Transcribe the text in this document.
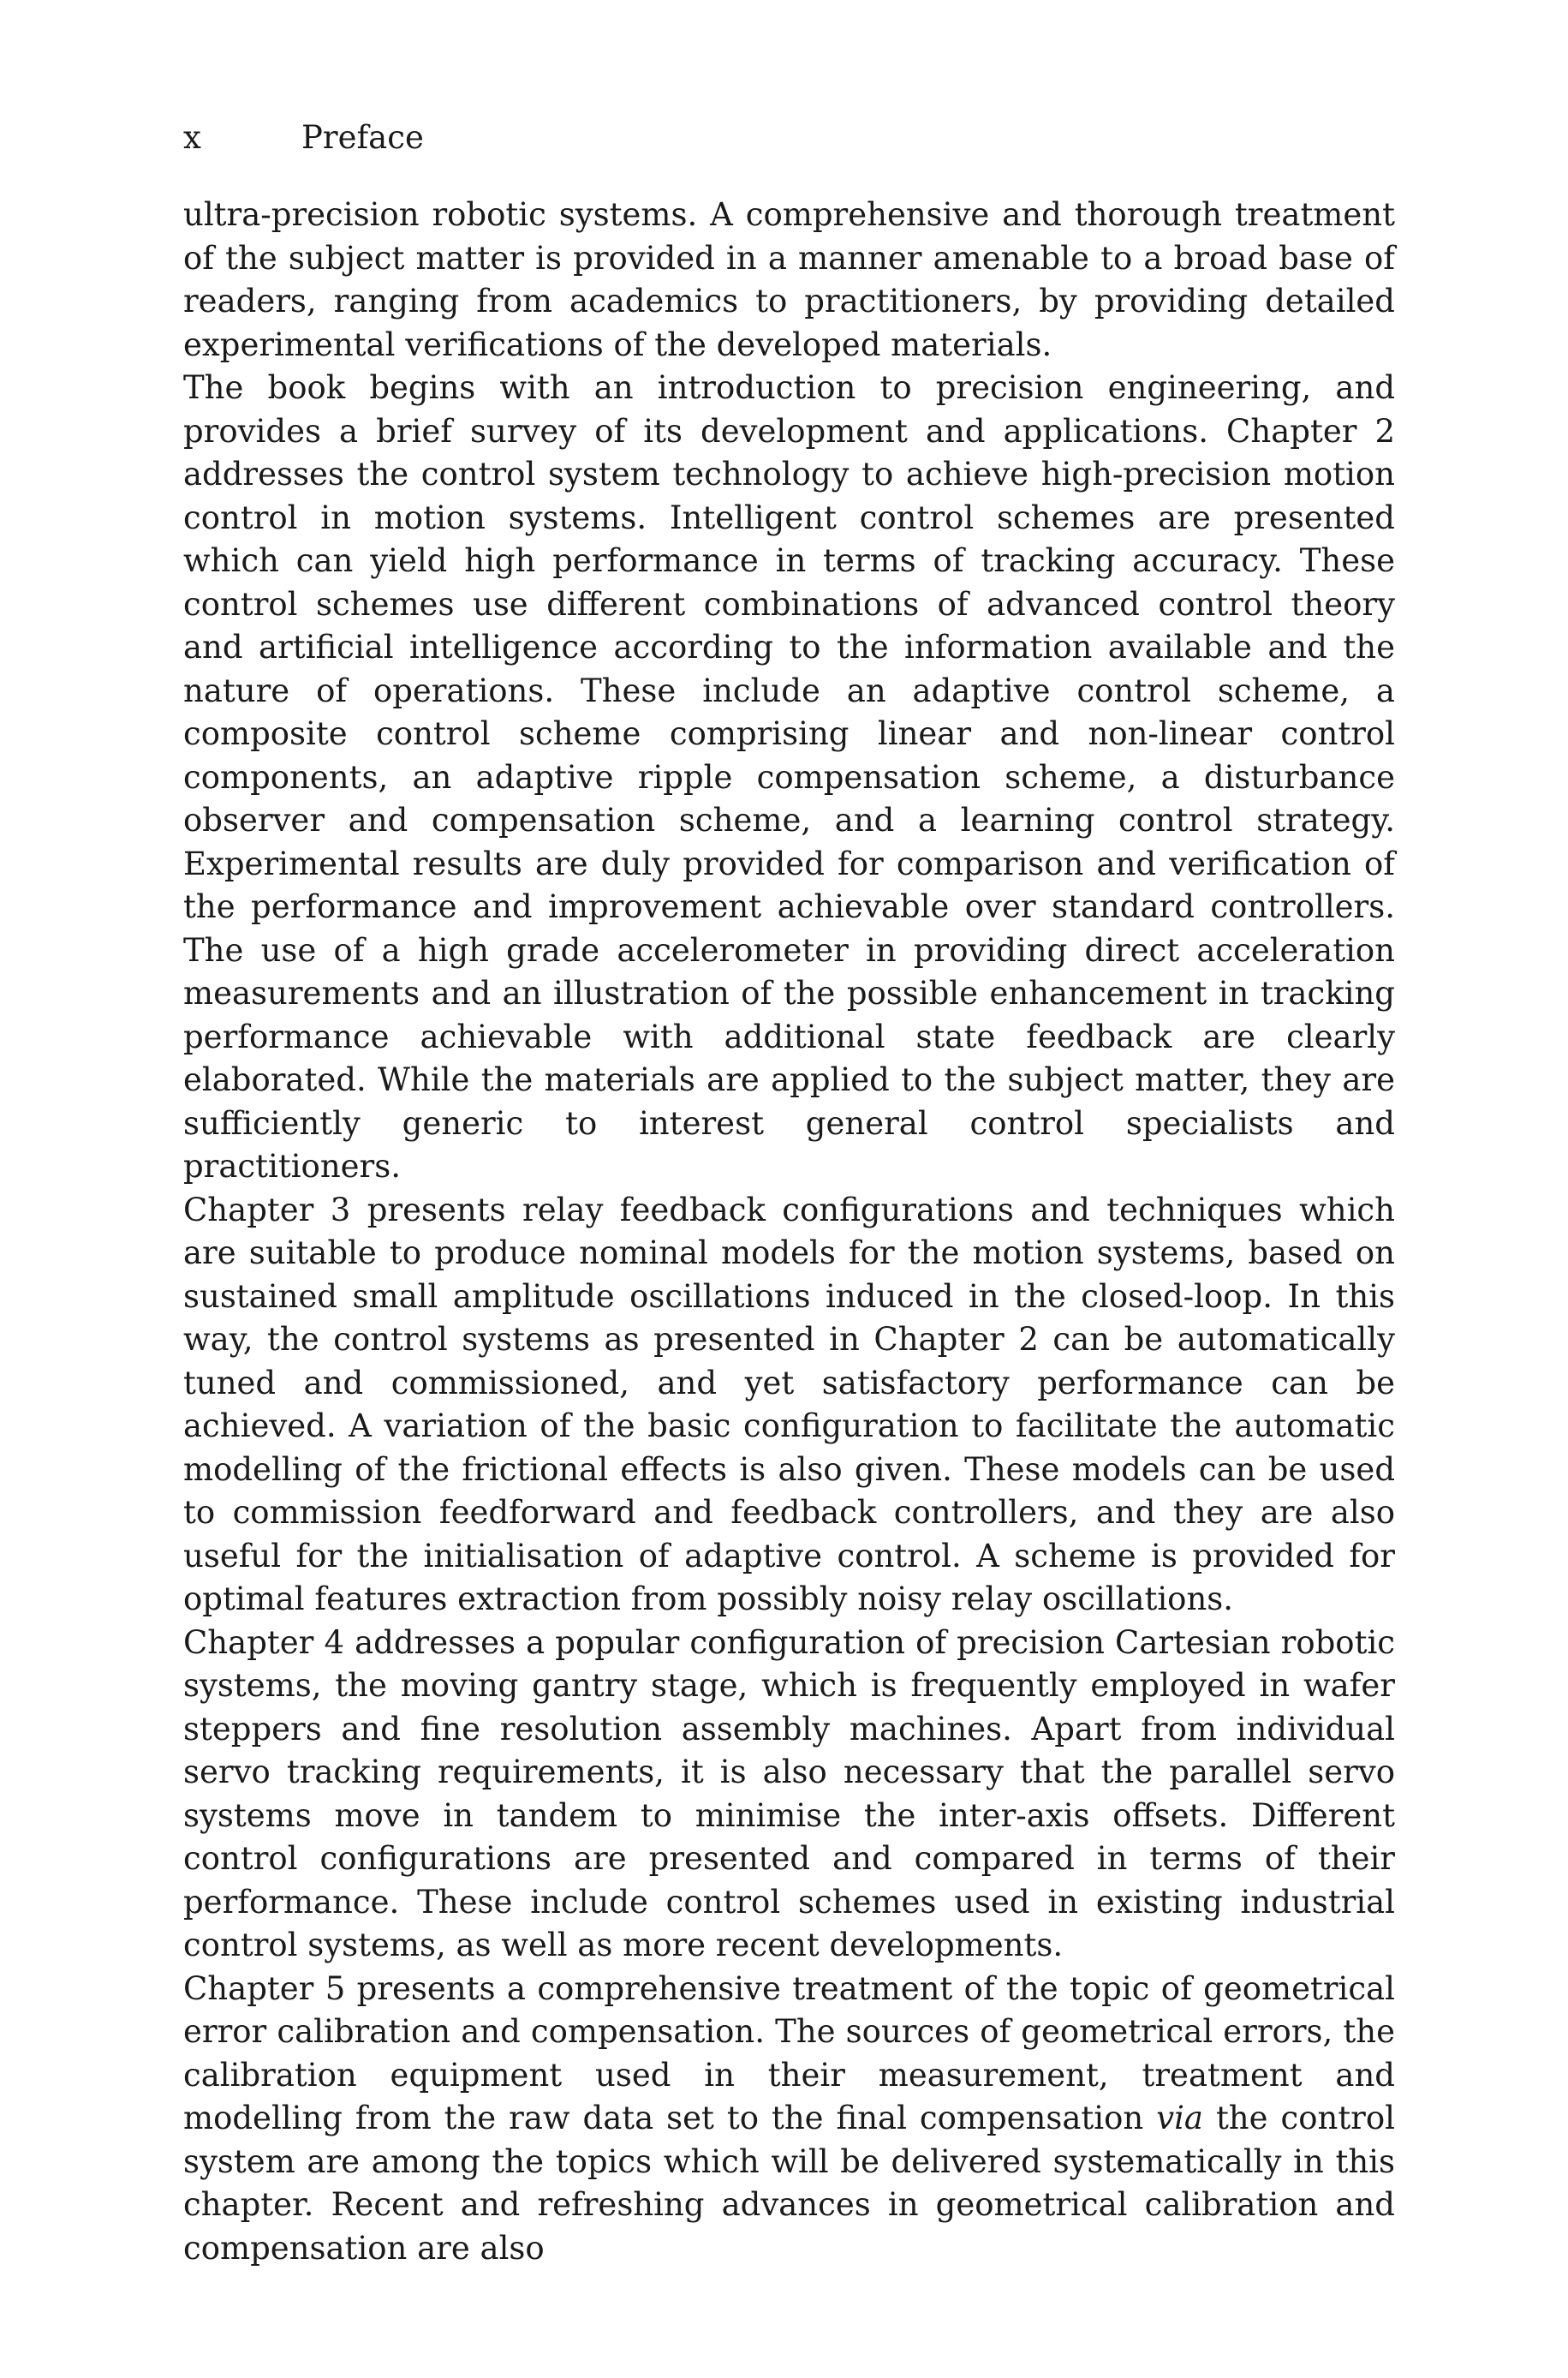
x	Preface

ultra-precision robotic systems. A comprehensive and thorough treatment of the subject matter is provided in a manner amenable to a broad base of readers, ranging from academics to practitioners, by providing detailed experimental verifications of the developed materials.

The book begins with an introduction to precision engineering, and provides a brief survey of its development and applications. Chapter 2 addresses the control system technology to achieve high-precision motion control in motion systems. Intelligent control schemes are presented which can yield high performance in terms of tracking accuracy. These control schemes use different combinations of advanced control theory and artificial intelligence according to the information available and the nature of operations. These include an adaptive control scheme, a composite control scheme comprising linear and non-linear control components, an adaptive ripple compensation scheme, a disturbance observer and compensation scheme, and a learning control strategy. Experimental results are duly provided for comparison and verification of the performance and improvement achievable over standard controllers. The use of a high grade accelerometer in providing direct acceleration measurements and an illustration of the possible enhancement in tracking performance achievable with additional state feedback are clearly elaborated. While the materials are applied to the subject matter, they are sufficiently generic to interest general control specialists and practitioners.

Chapter 3 presents relay feedback configurations and techniques which are suitable to produce nominal models for the motion systems, based on sustained small amplitude oscillations induced in the closed-loop. In this way, the control systems as presented in Chapter 2 can be automatically tuned and commissioned, and yet satisfactory performance can be achieved. A variation of the basic configuration to facilitate the automatic modelling of the frictional effects is also given. These models can be used to commission feedforward and feedback controllers, and they are also useful for the initialisation of adaptive control. A scheme is provided for optimal features extraction from possibly noisy relay oscillations.

Chapter 4 addresses a popular configuration of precision Cartesian robotic systems, the moving gantry stage, which is frequently employed in wafer steppers and fine resolution assembly machines. Apart from individual servo tracking requirements, it is also necessary that the parallel servo systems move in tandem to minimise the inter-axis offsets. Different control configurations are presented and compared in terms of their performance. These include control schemes used in existing industrial control systems, as well as more recent developments.

Chapter 5 presents a comprehensive treatment of the topic of geometrical error calibration and compensation. The sources of geometrical errors, the calibration equipment used in their measurement, treatment and modelling from the raw data set to the final compensation via the control system are among the topics which will be delivered systematically in this chapter. Recent and refreshing advances in geometrical calibration and compensation are also
